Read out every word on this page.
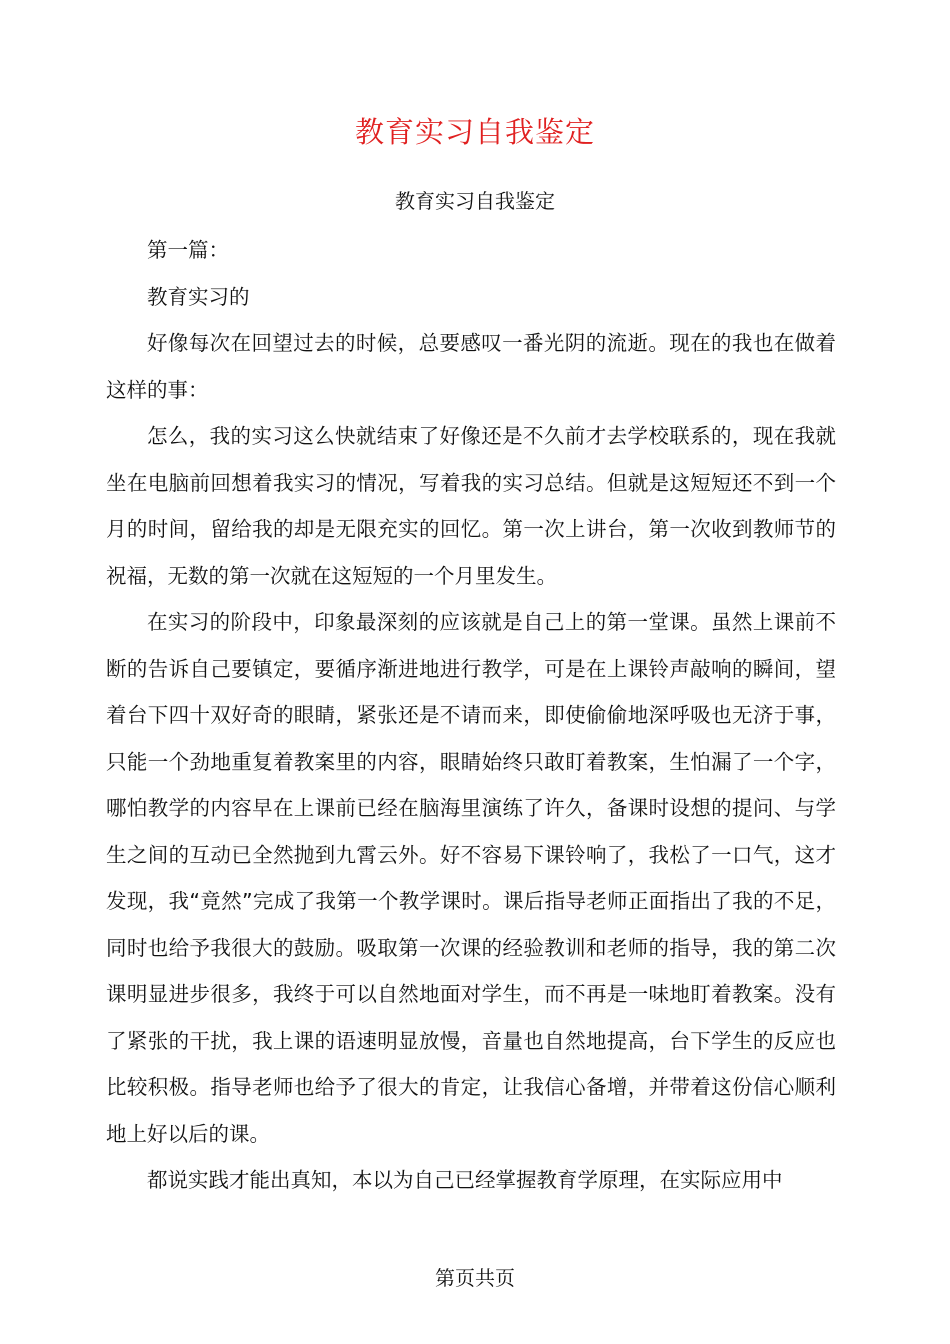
教育实习自我鉴定
教育实习自我鉴定

第一篇：

教育实习的

好像每次在回望过去的时候，总要感叹一番光阴的流逝。现在的我也在做着这样的事：

怎么，我的实习这么快就结束了好像还是不久前才去学校联系的，现在我就坐在电脑前回想着我实习的情况，写着我的实习总结。但就是这短短还不到一个月的时间，留给我的却是无限充实的回忆。第一次上讲台，第一次收到教师节的祝福，无数的第一次就在这短短的一个月里发生。

在实习的阶段中，印象最深刻的应该就是自己上的第一堂课。虽然上课前不断的告诉自己要镇定，要循序渐进地进行教学，可是在上课铃声敲响的瞬间，望着台下四十双好奇的眼睛，紧张还是不请而来，即使偷偷地深呼吸也无济于事，只能一个劲地重复着教案里的内容，眼睛始终只敢盯着教案，生怕漏了一个字，哪怕教学的内容早在上课前已经在脑海里演练了许久，备课时设想的提问、与学生之间的互动已全然抛到九霄云外。好不容易下课铃响了，我松了一口气，这才发现，我“竟然”完成了我第一个教学课时。课后指导老师正面指出了我的不足，同时也给予我很大的鼓励。吸取第一次课的经验教训和老师的指导，我的第二次课明显进步很多，我终于可以自然地面对学生，而不再是一味地盯着教案。没有了紧张的干扰，我上课的语速明显放慢，音量也自然地提高，台下学生的反应也比较积极。指导老师也给予了很大的肯定，让我信心备增，并带着这份信心顺利地上好以后的课。

都说实践才能出真知，本以为自己已经掌握教育学原理，在实际应用中

第页共页
